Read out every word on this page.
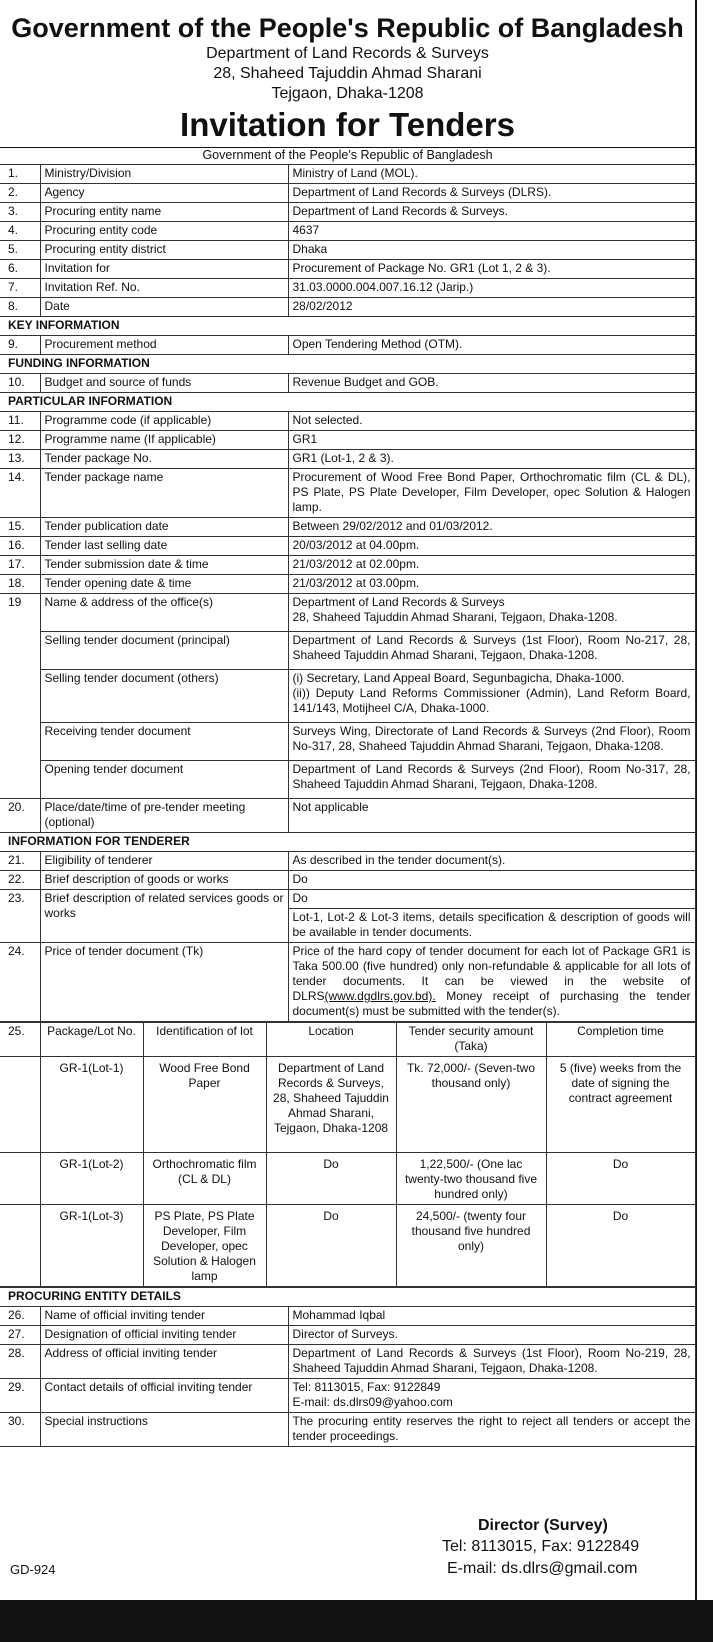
Government of the People's Republic of Bangladesh
Department of Land Records & Surveys
28, Shaheed Tajuddin Ahmad Sharani
Tejgaon, Dhaka-1208
Invitation for Tenders
Government of the People's Republic of Bangladesh
1.	Ministry/Division	Ministry of Land (MOL).
2.	Agency	Department of Land Records & Surveys (DLRS).
3.	Procuring entity name	Department of Land Records & Surveys.
4.	Procuring entity code	4637
5.	Procuring entity district	Dhaka
6.	Invitation for	Procurement of Package No. GR1 (Lot 1, 2 & 3).
7.	Invitation Ref. No.	31.03.0000.004.007.16.12 (Jarip.)
8.	Date	28/02/2012
KEY INFORMATION		
9.	Procurement method	Open Tendering Method (OTM).
FUNDING INFORMATION		
10.	Budget and source of funds	Revenue Budget and GOB.
PARTICULAR INFORMATION		
11.	Programme code (if applicable)	Not selected.
12.	Programme name (If applicable)	GR1
13.	Tender package No.	GR1 (Lot-1, 2 & 3).
14.	Tender package name	Procurement of Wood Free Bond Paper, Orthochromatic film (CL & DL), PS Plate, PS Plate Developer, Film Developer, opec Solution & Halogen lamp.
15.	Tender publication date	Between 29/02/2012 and 01/03/2012.
16.	Tender last selling date	20/03/2012 at 04.00pm.
17.	Tender submission date & time	21/03/2012 at 02.00pm.
18.	Tender opening date & time	21/03/2012 at 03.00pm.
19	Name & address of the office(s)	Department of Land Records & Surveys
28, Shaheed Tajuddin Ahmad Sharani, Tejgaon, Dhaka-1208.
	Selling tender document (principal)	Department of Land Records & Surveys (1st Floor), Room No-217, 28, Shaheed Tajuddin Ahmad Sharani, Tejgaon, Dhaka-1208.
	Selling tender document (others)	(i) Secretary, Land Appeal Board, Segunbagicha, Dhaka-1000.
(ii)) Deputy Land Reforms Commissioner (Admin), Land Reform Board, 141/143, Motijheel C/A, Dhaka-1000.
	Receiving tender document	Surveys Wing, Directorate of Land Records & Surveys (2nd Floor), Room No-317, 28, Shaheed Tajuddin Ahmad Sharani, Tejgaon, Dhaka-1208.
	Opening tender document	Department of Land Records & Surveys (2nd Floor), Room No-317, 28, Shaheed Tajuddin Ahmad Sharani, Tejgaon, Dhaka-1208.
20.	Place/date/time of pre-tender meeting (optional)	Not applicable
INFORMATION FOR TENDERER		
21.	Eligibility of tenderer	As described in the tender document(s).
22.	Brief description of goods or works	Do
23.	Brief description of related services goods or works	Do
Lot-1, Lot-2 & Lot-3 items, details specification & description of goods will be available in tender documents.

24.	Price of tender document (Tk)	Price of the hard copy of tender document for each lot of Package GR1 is Taka 500.00 (five hundred) only non-refundable & applicable for all lots of tender documents. It can be viewed in the website of DLRS(www.dgdlrs.gov.bd). Money receipt of purchasing the tender document(s) must be submitted with the tender(s).
25.	Package/Lot No.	Identification of lot	Location	Tender security amount (Taka)	Completion time
	GR-1(Lot-1)	Wood Free Bond Paper	Department of Land Records & Surveys, 28, Shaheed Tajuddin Ahmad Sharani, Tejgaon, Dhaka-1208	Tk. 72,000/- (Seven-two thousand only)	5 (five) weeks from the date of signing the contract agreement
	GR-1(Lot-2)	Orthochromatic film (CL & DL)	Do	1,22,500/- (One lac twenty-two thousand five hundred only)	Do
	GR-1(Lot-3)	PS Plate, PS Plate Developer, Film Developer, opec Solution & Halogen lamp	Do	24,500/- (twenty four thousand five hundred only)	Do
PROCURING ENTITY DETAILS		
26.	Name of official inviting tender	Mohammad Iqbal
27.	Designation of official inviting tender	Director of Surveys.
28.	Address of official inviting tender	Department of Land Records & Surveys (1st Floor), Room No-219, 28, Shaheed Tajuddin Ahmad Sharani, Tejgaon, Dhaka-1208.
29.	Contact details of official inviting tender	Tel: 8113015, Fax: 9122849
E-mail: ds.dlrs09@yahoo.com
30.	Special instructions	The procuring entity reserves the right to reject all tenders or accept the tender proceedings.
Director (Survey)
Tel: 8113015, Fax: 9122849
E-mail: ds.dlrs@gmail.com
GD-924
